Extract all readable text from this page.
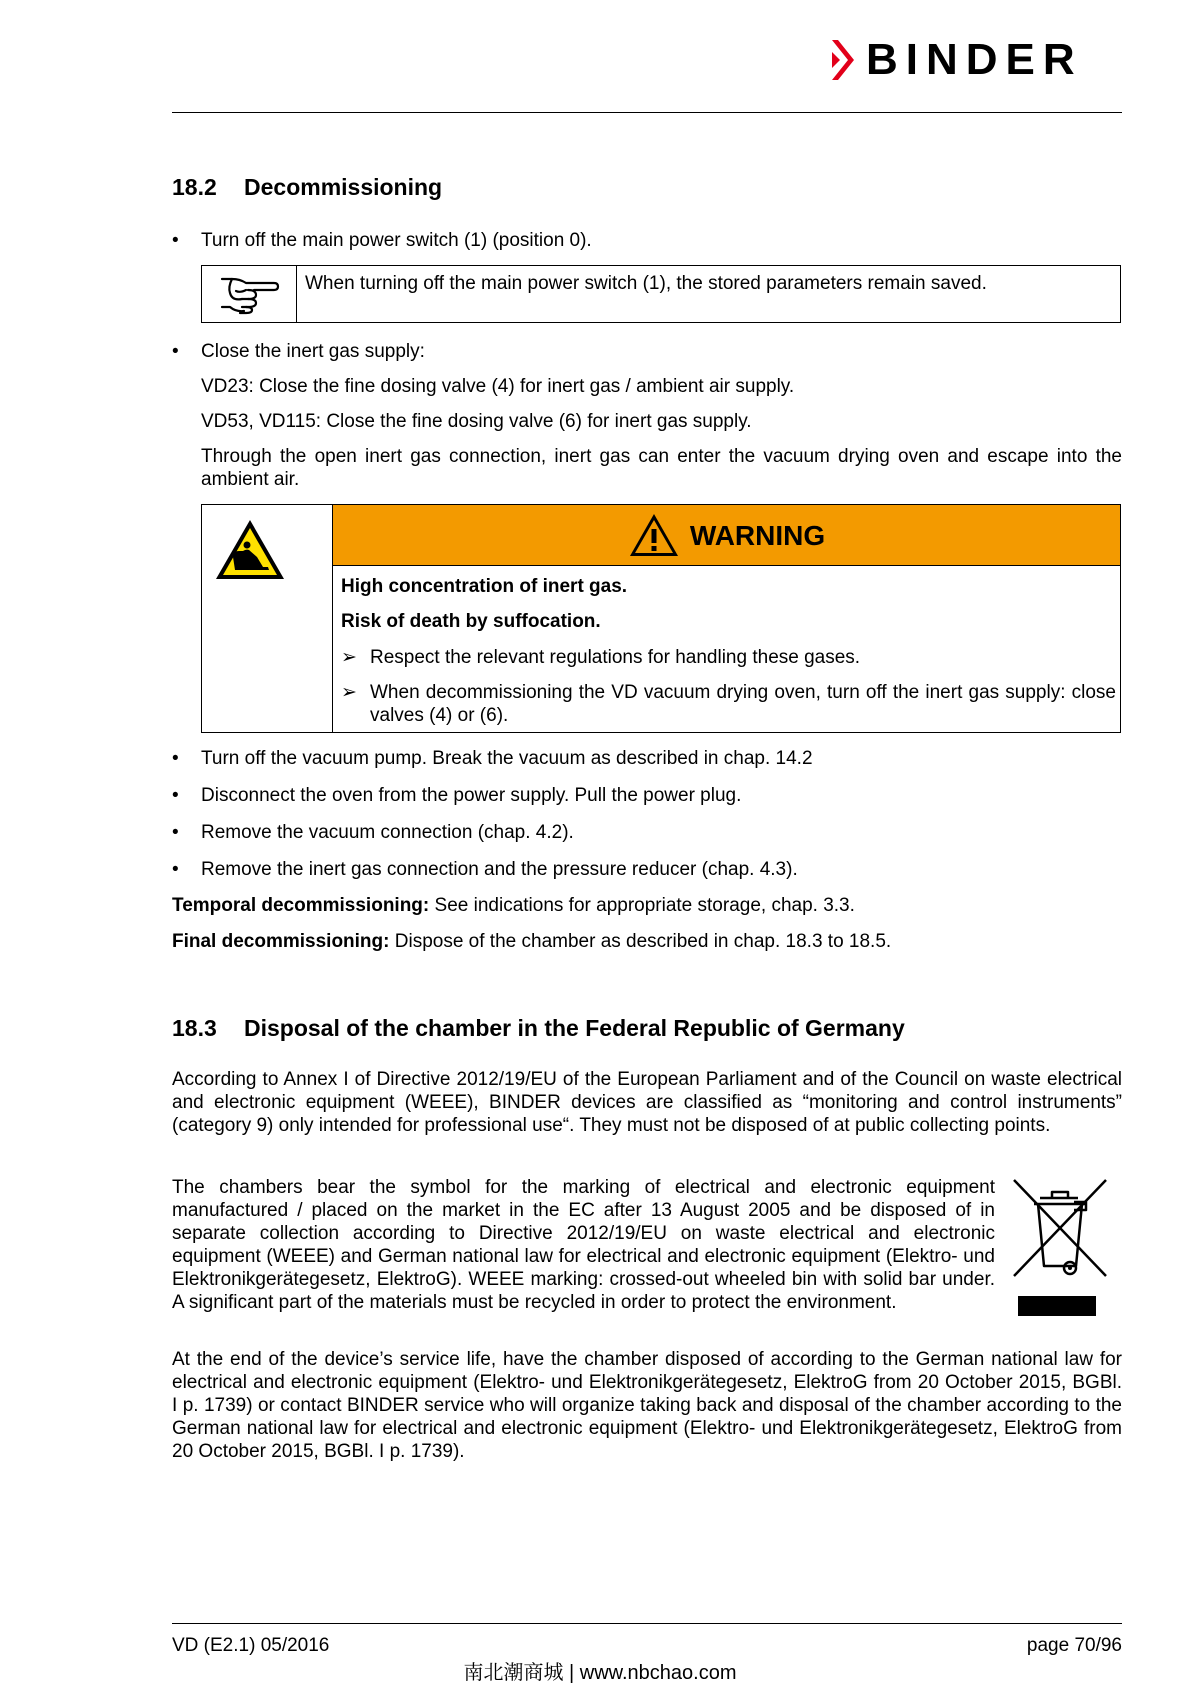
BINDER
18.2 Decommissioning
• Turn off the main power switch (1) (position 0).
When turning off the main power switch (1), the stored parameters remain saved.
• Close the inert gas supply:
VD23: Close the fine dosing valve (4) for inert gas / ambient air supply.
VD53, VD115: Close the fine dosing valve (6) for inert gas supply.
Through the open inert gas connection, inert gas can enter the vacuum drying oven and escape into the ambient air.
WARNING
High concentration of inert gas.
Risk of death by suffocation.
➢ Respect the relevant regulations for handling these gases.
➢ When decommissioning the VD vacuum drying oven, turn off the inert gas supply: close valves (4) or (6).
• Turn off the vacuum pump. Break the vacuum as described in chap. 14.2
• Disconnect the oven from the power supply. Pull the power plug.
• Remove the vacuum connection (chap. 4.2).
• Remove the inert gas connection and the pressure reducer (chap. 4.3).
Temporal decommissioning: See indications for appropriate storage, chap. 3.3.
Final decommissioning: Dispose of the chamber as described in chap. 18.3 to 18.5.
18.3 Disposal of the chamber in the Federal Republic of Germany
According to Annex I of Directive 2012/19/EU of the European Parliament and of the Council on waste electrical and electronic equipment (WEEE), BINDER devices are classified as “monitoring and control instruments” (category 9) only intended for professional use“. They must not be disposed of at public collecting points.
The chambers bear the symbol for the marking of electrical and electronic equipment manufactured / placed on the market in the EC after 13 August 2005 and be disposed of in separate collection according to Directive 2012/19/EU on waste electrical and electronic equipment (WEEE) and German national law for electrical and electronic equipment (Elektro- und Elektronikgerätegesetz, ElektroG). WEEE marking: crossed-out wheeled bin with solid bar under. A significant part of the materials must be recycled in order to protect the environment.
At the end of the device’s service life, have the chamber disposed of according to the German national law for electrical and electronic equipment (Elektro- und Elektronikgerätegesetz, ElektroG from 20 October 2015, BGBl. I p. 1739) or contact BINDER service who will organize taking back and disposal of the chamber according to the German national law for electrical and electronic equipment (Elektro- und Elektronikgerätegesetz, ElektroG from 20 October 2015, BGBl. I p. 1739).
VD (E2.1) 05/2016	page 70/96
南北潮商城 | www.nbchao.com
